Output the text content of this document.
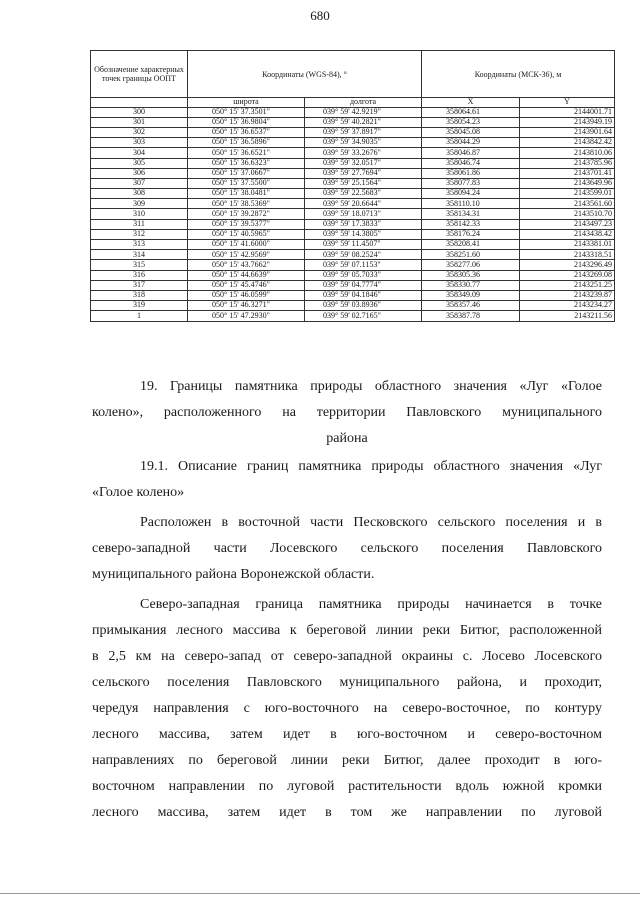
680
Обозначение характерных точек границы ООПТ	Координаты (WGS-84), °		Координаты (МСК-36), м	
	широта	долгота	X	Y
300	050° 15' 37.3501"	039° 59' 42.9219"	358064.61	2144001.71
301	050° 15' 36.9804"	039° 59' 40.2821"	358054.23	2143949.19
302	050° 15' 36.6537"	039° 59' 37.8917"	358045.08	2143901.64
303	050° 15' 36.5896"	039° 59' 34.9035"	358044.29	2143842.42
304	050° 15' 36.6521"	039° 59' 33.2676"	358046.87	2143810.06
305	050° 15' 36.6323"	039° 59' 32.0517"	358046.74	2143785.96
306	050° 15' 37.0667"	039° 59' 27.7694"	358061.86	2143701.41
307	050° 15' 37.5500"	039° 59' 25.1564"	358077.83	2143649.96
308	050° 15' 38.0481"	039° 59' 22.5683"	358094.24	2143599.01
309	050° 15' 38.5369"	039° 59' 20.6644"	358110.10	2143561.60
310	050° 15' 39.2872"	039° 59' 18.0713"	358134.31	2143510.70
311	050° 15' 39.5377"	039° 59' 17.3833"	358142.33	2143497.23
312	050° 15' 40.5965"	039° 59' 14.3805"	358176.24	2143438.42
313	050° 15' 41.6000"	039° 59' 11.4507"	358208.41	2143381.01
314	050° 15' 42.9569"	039° 59' 08.2524"	358251.60	2143318.51
315	050° 15' 43.7662"	039° 59' 07.1153"	358277.06	2143296.49
316	050° 15' 44.6639"	039° 59' 05.7033"	358305.36	2143269.08
317	050° 15' 45.4746"	039° 59' 04.7774"	358330.77	2143251.25
318	050° 15' 46.0599"	039° 59' 04.1846"	358349.09	2143239.87
319	050° 15' 46.3271"	039° 59' 03.8936"	358357.46	2143234.27
1	050° 15' 47.2930"	039° 59' 02.7165"	358387.78	2143211.56

19. Границы памятника природы областного значения «Луг «Голое

колено», расположенного на территории Павловского муниципального

района

19.1. Описание границ памятника природы областного значения «Луг

«Голое колено»

Расположен в восточной части Песковского сельского поселения и в

северо-западной части Лосевского сельского поселения Павловского

муниципального района Воронежской области.

Северо-западная граница памятника природы начинается в точке

примыкания лесного массива к береговой линии реки Битюг, расположенной

в 2,5 км на северо-запад от северо-западной окраины с. Лосево Лосевского

сельского поселения Павловского муниципального района, и проходит,

чередуя направления с юго-восточного на северо-восточное, по контуру

лесного массива, затем идет в юго-восточном и северо-восточном

направлениях по береговой линии реки Битюг, далее проходит в юго-

восточном направлении по луговой растительности вдоль южной кромки

лесного массива, затем идет в том же направлении по луговой
